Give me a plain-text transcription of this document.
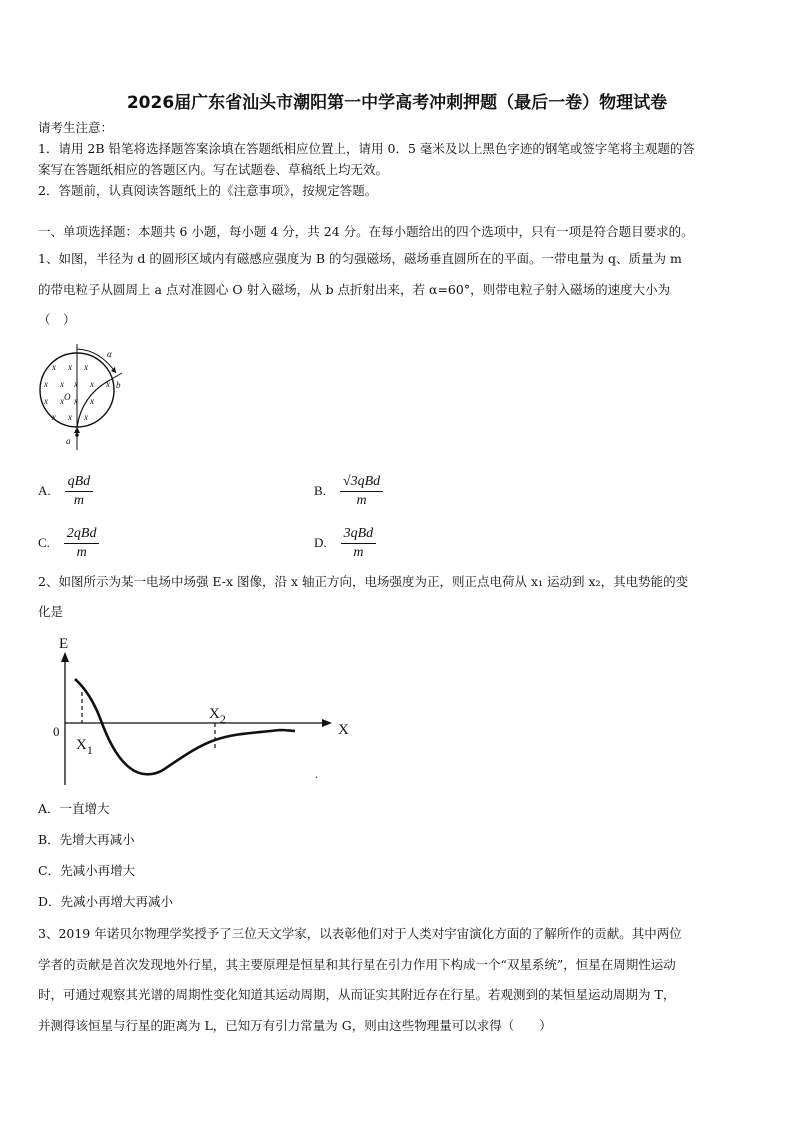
2026届广东省汕头市潮阳第一中学高考冲刺押题（最后一卷）物理试卷
请考生注意：
1．请用 2B 铅笔将选择题答案涂填在答题纸相应位置上，请用 0．5 毫米及以上黑色字迹的钢笔或签字笔将主观题的答
案写在答题纸相应的答题区内。写在试题卷、草稿纸上均无效。
2．答题前，认真阅读答题纸上的《注意事项》，按规定答题。
一、单项选择题：本题共 6 小题，每小题 4 分，共 24 分。在每小题给出的四个选项中，只有一项是符合题目要求的。
1、如图，半径为 d 的圆形区域内有磁感应强度为 B 的匀强磁场，磁场垂直圆所在的平面。一带电量为 q、质量为 m
的带电粒子从圆周上 a 点对准圆心 O 射入磁场，从 b 点折射出来，若 α=60°，则带电粒子射入磁场的速度大小为
（　）
x x x
x x x x x
x x x x
x x x
α
b
O
a
A. $\frac{\text{qBd}}{m}$	B. $\frac{\text{√3qBd}}{m}$
C. $\frac{\text{2qBd}}{m}$	D. $\frac{\text{3qBd}}{m}$
2、如图所示为某一电场中场强 E-x 图像，沿 x 轴正方向，电场强度为正，则正点电荷从 x₁ 运动到 x₂，其电势能的变
化是
E
X
0
$X_1$
$X_2$
.
A．一直增大
B．先增大再减小
C．先减小再增大
D．先减小再增大再减小
3、2019 年诺贝尔物理学奖授予了三位天文学家，以表彰他们对于人类对宇宙演化方面的了解所作的贡献。其中两位
学者的贡献是首次发现地外行星，其主要原理是恒星和其行星在引力作用下构成一个“双星系统”，恒星在周期性运动
时，可通过观察其光谱的周期性变化知道其运动周期，从而证实其附近存在行星。若观测到的某恒星运动周期为 T，
并测得该恒星与行星的距离为 L，已知万有引力常量为 G，则由这些物理量可以求得（　　）
